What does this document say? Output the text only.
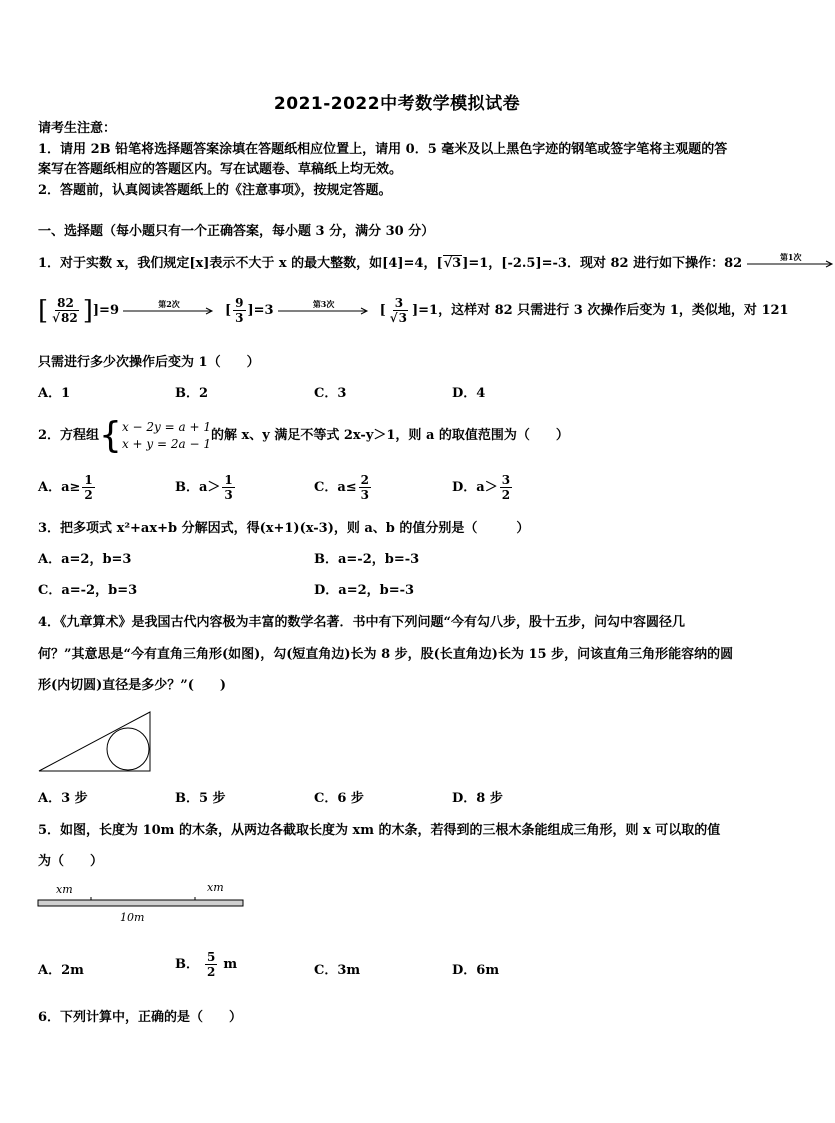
2021-2022中考数学模拟试卷
请考生注意：
1．请用 2B 铅笔将选择题答案涂填在答题纸相应位置上，请用 0．5 毫米及以上黑色字迹的钢笔或签字笔将主观题的答
案写在答题纸相应的答题区内。写在试题卷、草稿纸上均无效。
2．答题前，认真阅读答题纸上的《注意事项》，按规定答题。
一、选择题（每小题只有一个正确答案，每小题 3 分，满分 30 分）
1．对于实数 x，我们规定[x]表示不大于 x 的最大整数，如[4]=4，[√3]=1，[-2.5]=-3．现对 82 进行如下操作：82	第1次
[ $\frac{82}{√82}$ ] ]=9	第2次	[ $\frac{9}{3} ]=3$	第3次	[ $\frac{3}{√3} ]=1$，这样对 82 只需进行 3 次操作后变为 1，类似地，对 121
只需进行多少次操作后变为 1（　　）
A．1	B．2	C．3	D．4
2．方程组 { x − 2y = a + 1
x + y = 2a − 1
的解 x、y 满足不等式 2x-y＞1，则 a 的取值范围为（　　）
A．$a\ge \frac{1}{2}$	B．$a> \frac{1}{3}$	C．$a\le \frac{2}{3}$	D．$a> \frac{3}{2}$
3．把多项式 x²+ax+b 分解因式，得(x+1)(x-3)，则 a、b 的值分别是（　　　）
A．a=2，b=3	B．a=-2，b=-3
C．a=-2，b=3	D．a=2，b=-3
4．《九章算术》是我国古代内容极为丰富的数学名著．书中有下列问题“今有勾八步，股十五步，问勾中容圆径几
何？”其意思是“今有直角三角形(如图)，勾(短直角边)长为 8 步，股(长直角边)长为 15 步，问该直角三角形能容纳的圆
形(内切圆)直径是多少？”(　　)
A．3 步	B．5 步	C．6 步	D．8 步
5．如图，长度为 10m 的木条，从两边各截取长度为 xm 的木条，若得到的三根木条能组成三角形，则 x 可以取的值
为（　　）
xm	xm
10m
A．2m	B． $\frac{5}{2}$ m	C．3m	D．6m
6．下列计算中，正确的是（　　）
